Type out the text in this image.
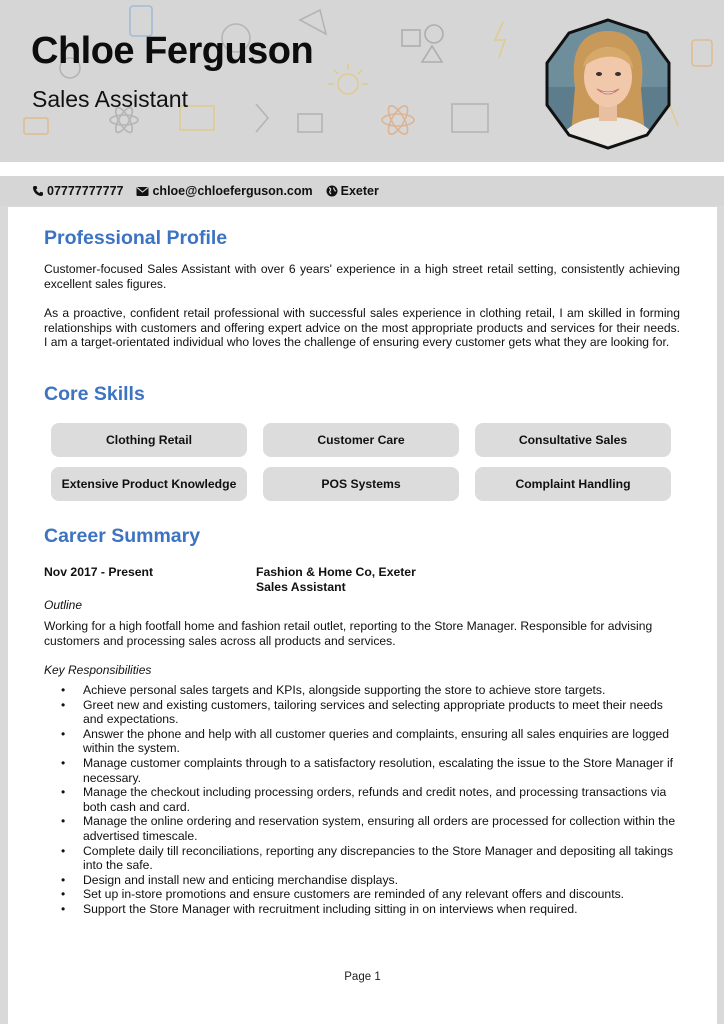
Chloe Ferguson
Sales Assistant
07777777777 chloe@chloeferguson.com Exeter
Professional Profile

Customer-focused Sales Assistant with over 6 years' experience in a high street retail setting, consistently achieving excellent sales figures.

As a proactive, confident retail professional with successful sales experience in clothing retail, I am skilled in forming relationships with customers and offering expert advice on the most appropriate products and services for their needs. I am a target-orientated individual who loves the challenge of ensuring every customer gets what they are looking for.

Core Skills
Clothing Retail	Customer Care	Consultative Sales
Extensive Product Knowledge	POS Systems	Complaint Handling
Career Summary
Nov 2017 - Present	Fashion & Home Co, Exeter
Sales Assistant
Outline

Working for a high footfall home and fashion retail outlet, reporting to the Store Manager. Responsible for advising customers and processing sales across all products and services.

Key Responsibilities
• Achieve personal sales targets and KPIs, alongside supporting the store to achieve store targets.
• Greet new and existing customers, tailoring services and selecting appropriate products to meet their needs and expectations.
• Answer the phone and help with all customer queries and complaints, ensuring all sales enquiries are logged within the system.
• Manage customer complaints through to a satisfactory resolution, escalating the issue to the Store Manager if necessary.
• Manage the checkout including processing orders, refunds and credit notes, and processing transactions via both cash and card.
• Manage the online ordering and reservation system, ensuring all orders are processed for collection within the advertised timescale.
• Complete daily till reconciliations, reporting any discrepancies to the Store Manager and depositing all takings into the safe.
• Design and install new and enticing merchandise displays.
• Set up in-store promotions and ensure customers are reminded of any relevant offers and discounts.
• Support the Store Manager with recruitment including sitting in on interviews when required.
Page 1
